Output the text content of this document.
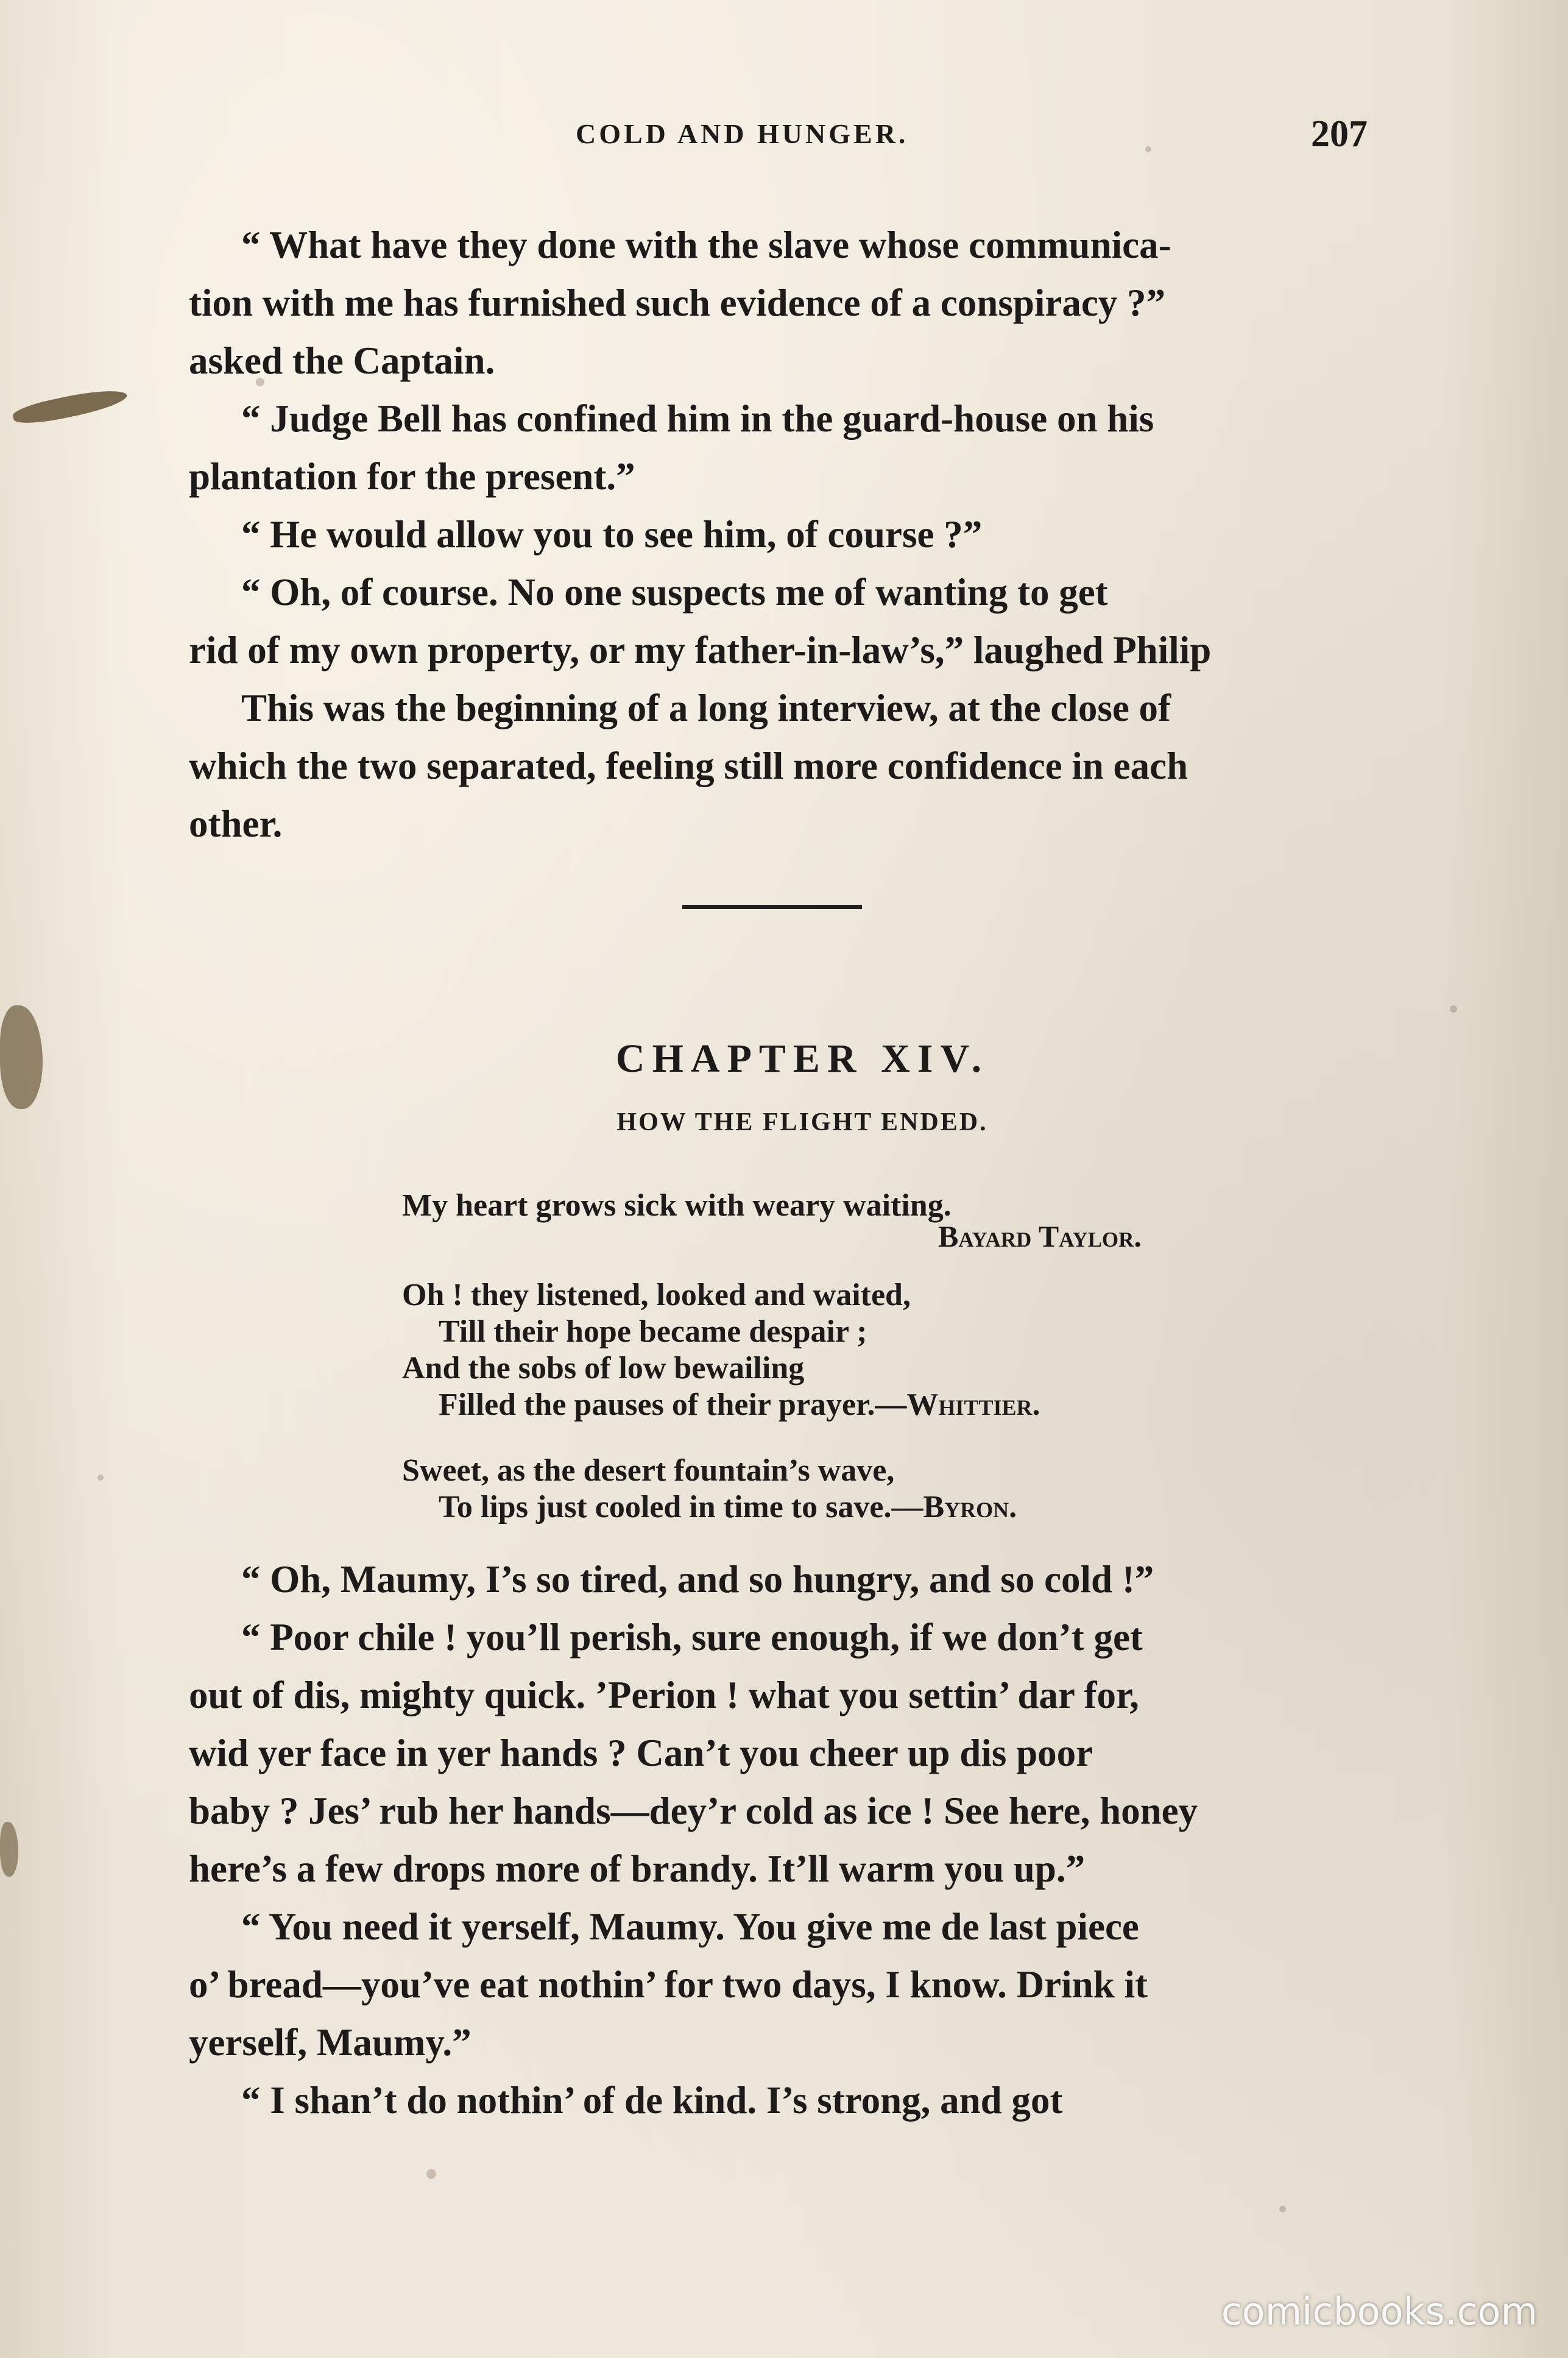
COLD AND HUNGER.	207

“ What have they done with the slave whose communica-
tion with me has furnished such evidence of a conspiracy ?”
asked the Captain.

“ Judge Bell has confined him in the guard-house on his
plantation for the present.”

“ He would allow you to see him, of course ?”

“ Oh, of course. No one suspects me of wanting to get
rid of my own property, or my father-in-law’s,” laughed Philip

This was the beginning of a long interview, at the close of
which the two separated, feeling still more confidence in each
other.

CHAPTER XIV.
HOW THE FLIGHT ENDED.
My heart grows sick with weary waiting.
Bayard Taylor.
Oh ! they listened, looked and waited,
Till their hope became despair ;
And the sobs of low bewailing
Filled the pauses of their prayer.—Whittier.
Sweet, as the desert fountain’s wave,
To lips just cooled in time to save.—Byron.

“ Oh, Maumy, I’s so tired, and so hungry, and so cold !”

“ Poor chile ! you’ll perish, sure enough, if we don’t get
out of dis, mighty quick. ’Perion ! what you settin’ dar for,
wid yer face in yer hands ? Can’t you cheer up dis poor
baby ? Jes’ rub her hands—dey’r cold as ice ! See here, honey
here’s a few drops more of brandy. It’ll warm you up.”

“ You need it yerself, Maumy. You give me de last piece
o’ bread—you’ve eat nothin’ for two days, I know. Drink it
yerself, Maumy.”

“ I shan’t do nothin’ of de kind. I’s strong, and got

comicbooks.com
